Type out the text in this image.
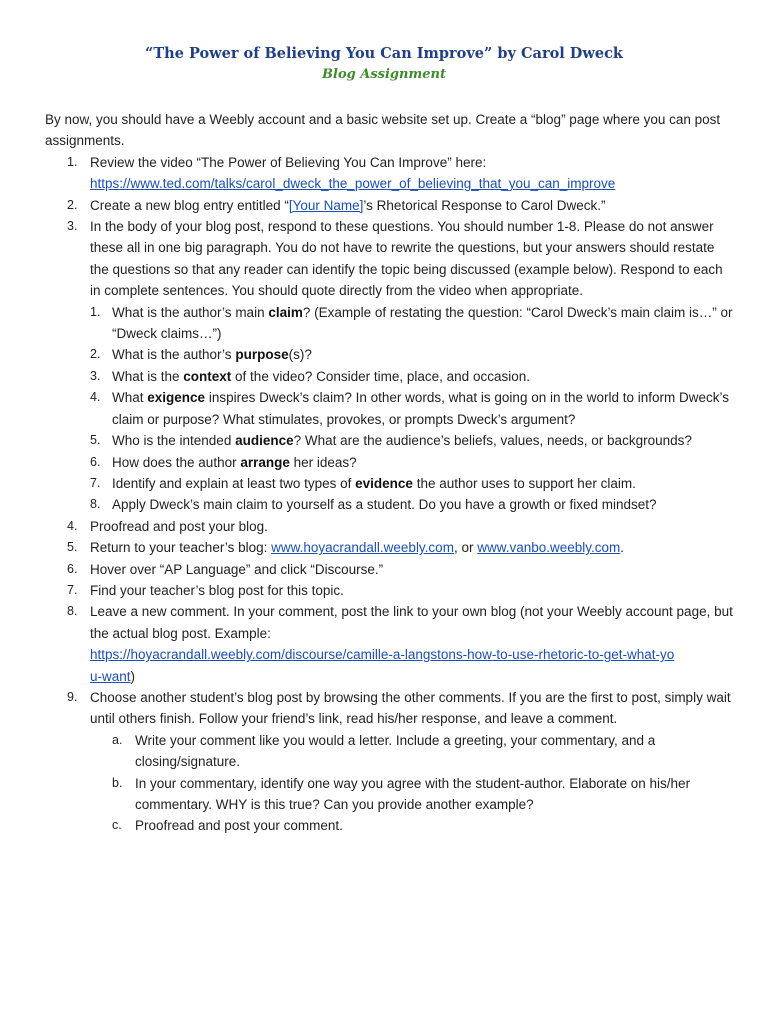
“The Power of Believing You Can Improve” by Carol Dweck
Blog Assignment

By now, you should have a Weebly account and a basic website set up. Create a “blog” page where you can post assignments.

1. Review the video “The Power of Believing You Can Improve” here:
https://www.ted.com/talks/carol_dweck_the_power_of_believing_that_you_can_improve
2. Create a new blog entry entitled “[Your Name]’s Rhetorical Response to Carol Dweck.”
3. In the body of your blog post, respond to these questions. You should number 1-8. Please do not answer these all in one big paragraph. You do not have to rewrite the questions, but your answers should restate the questions so that any reader can identify the topic being discussed (example below). Respond to each in complete sentences. You should quote directly from the video when appropriate.
1. What is the author’s main claim? (Example of restating the question: “Carol Dweck’s main claim is…” or “Dweck claims…”)
2. What is the author’s purpose(s)?
3. What is the context of the video? Consider time, place, and occasion.
4. What exigence inspires Dweck’s claim? In other words, what is going on in the world to inform Dweck’s claim or purpose? What stimulates, provokes, or prompts Dweck’s argument?
5. Who is the intended audience? What are the audience’s beliefs, values, needs, or backgrounds?
6. How does the author arrange her ideas?
7. Identify and explain at least two types of evidence the author uses to support her claim.
8. Apply Dweck’s main claim to yourself as a student. Do you have a growth or fixed mindset?
4. Proofread and post your blog.
5. Return to your teacher’s blog: www.hoyacrandall.weebly.com, or www.vanbo.weebly.com.
6. Hover over “AP Language” and click “Discourse.”
7. Find your teacher’s blog post for this topic.
8. Leave a new comment. In your comment, post the link to your own blog (not your Weebly account page, but the actual blog post. Example:
https://hoyacrandall.weebly.com/discourse/camille-a-langstons-how-to-use-rhetoric-to-get-what-yo
u-want)
9. Choose another student’s blog post by browsing the other comments. If you are the first to post, simply wait until others finish. Follow your friend’s link, read his/her response, and leave a comment.
a. Write your comment like you would a letter. Include a greeting, your commentary, and a closing/signature.
b. In your commentary, identify one way you agree with the student-author. Elaborate on his/her commentary. WHY is this true? Can you provide another example?
c. Proofread and post your comment.
